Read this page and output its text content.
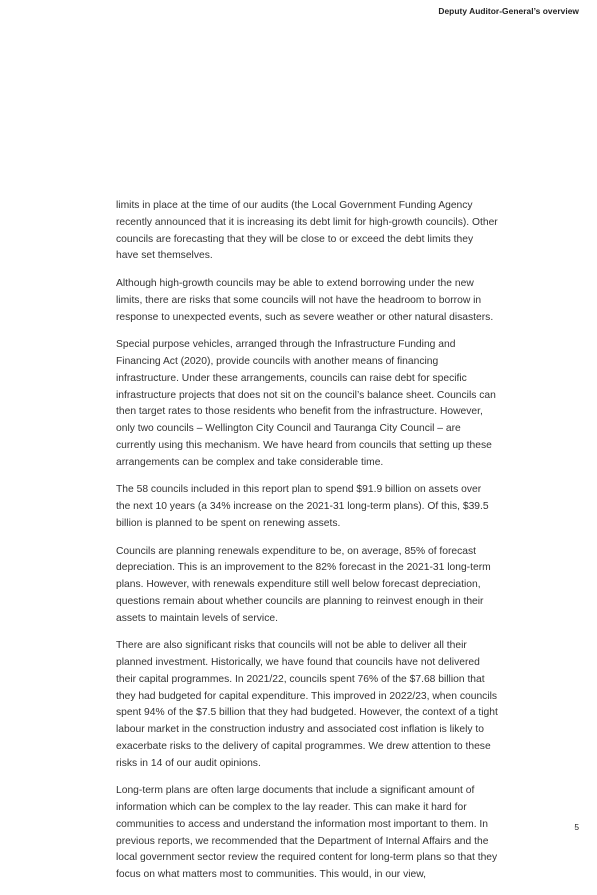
Deputy Auditor-General’s overview

limits in place at the time of our audits (the Local Government Funding Agency recently announced that it is increasing its debt limit for high-growth councils). Other councils are forecasting that they will be close to or exceed the debt limits they have set themselves.

Although high-growth councils may be able to extend borrowing under the new limits, there are risks that some councils will not have the headroom to borrow in response to unexpected events, such as severe weather or other natural disasters.

Special purpose vehicles, arranged through the Infrastructure Funding and Financing Act (2020), provide councils with another means of financing infrastructure. Under these arrangements, councils can raise debt for specific infrastructure projects that does not sit on the council’s balance sheet. Councils can then target rates to those residents who benefit from the infrastructure. However, only two councils – Wellington City Council and Tauranga City Council – are currently using this mechanism. We have heard from councils that setting up these arrangements can be complex and take considerable time.

The 58 councils included in this report plan to spend $91.9 billion on assets over the next 10 years (a 34% increase on the 2021-31 long-term plans). Of this, $39.5 billion is planned to be spent on renewing assets.

Councils are planning renewals expenditure to be, on average, 85% of forecast depreciation. This is an improvement to the 82% forecast in the 2021-31 long-term plans. However, with renewals expenditure still well below forecast depreciation, questions remain about whether councils are planning to reinvest enough in their assets to maintain levels of service.

There are also significant risks that councils will not be able to deliver all their planned investment. Historically, we have found that councils have not delivered their capital programmes. In 2021/22, councils spent 76% of the $7.68 billion that they had budgeted for capital expenditure. This improved in 2022/23, when councils spent 94% of the $7.5 billion that they had budgeted. However, the context of a tight labour market in the construction industry and associated cost inflation is likely to exacerbate risks to the delivery of capital programmes. We drew attention to these risks in 14 of our audit opinions.

Long-term plans are often large documents that include a significant amount of information which can be complex to the lay reader. This can make it hard for communities to access and understand the information most important to them. In previous reports, we recommended that the Department of Internal Affairs and the local government sector review the required content for long-term plans so that they focus on what matters most to communities. This would, in our view,

5
